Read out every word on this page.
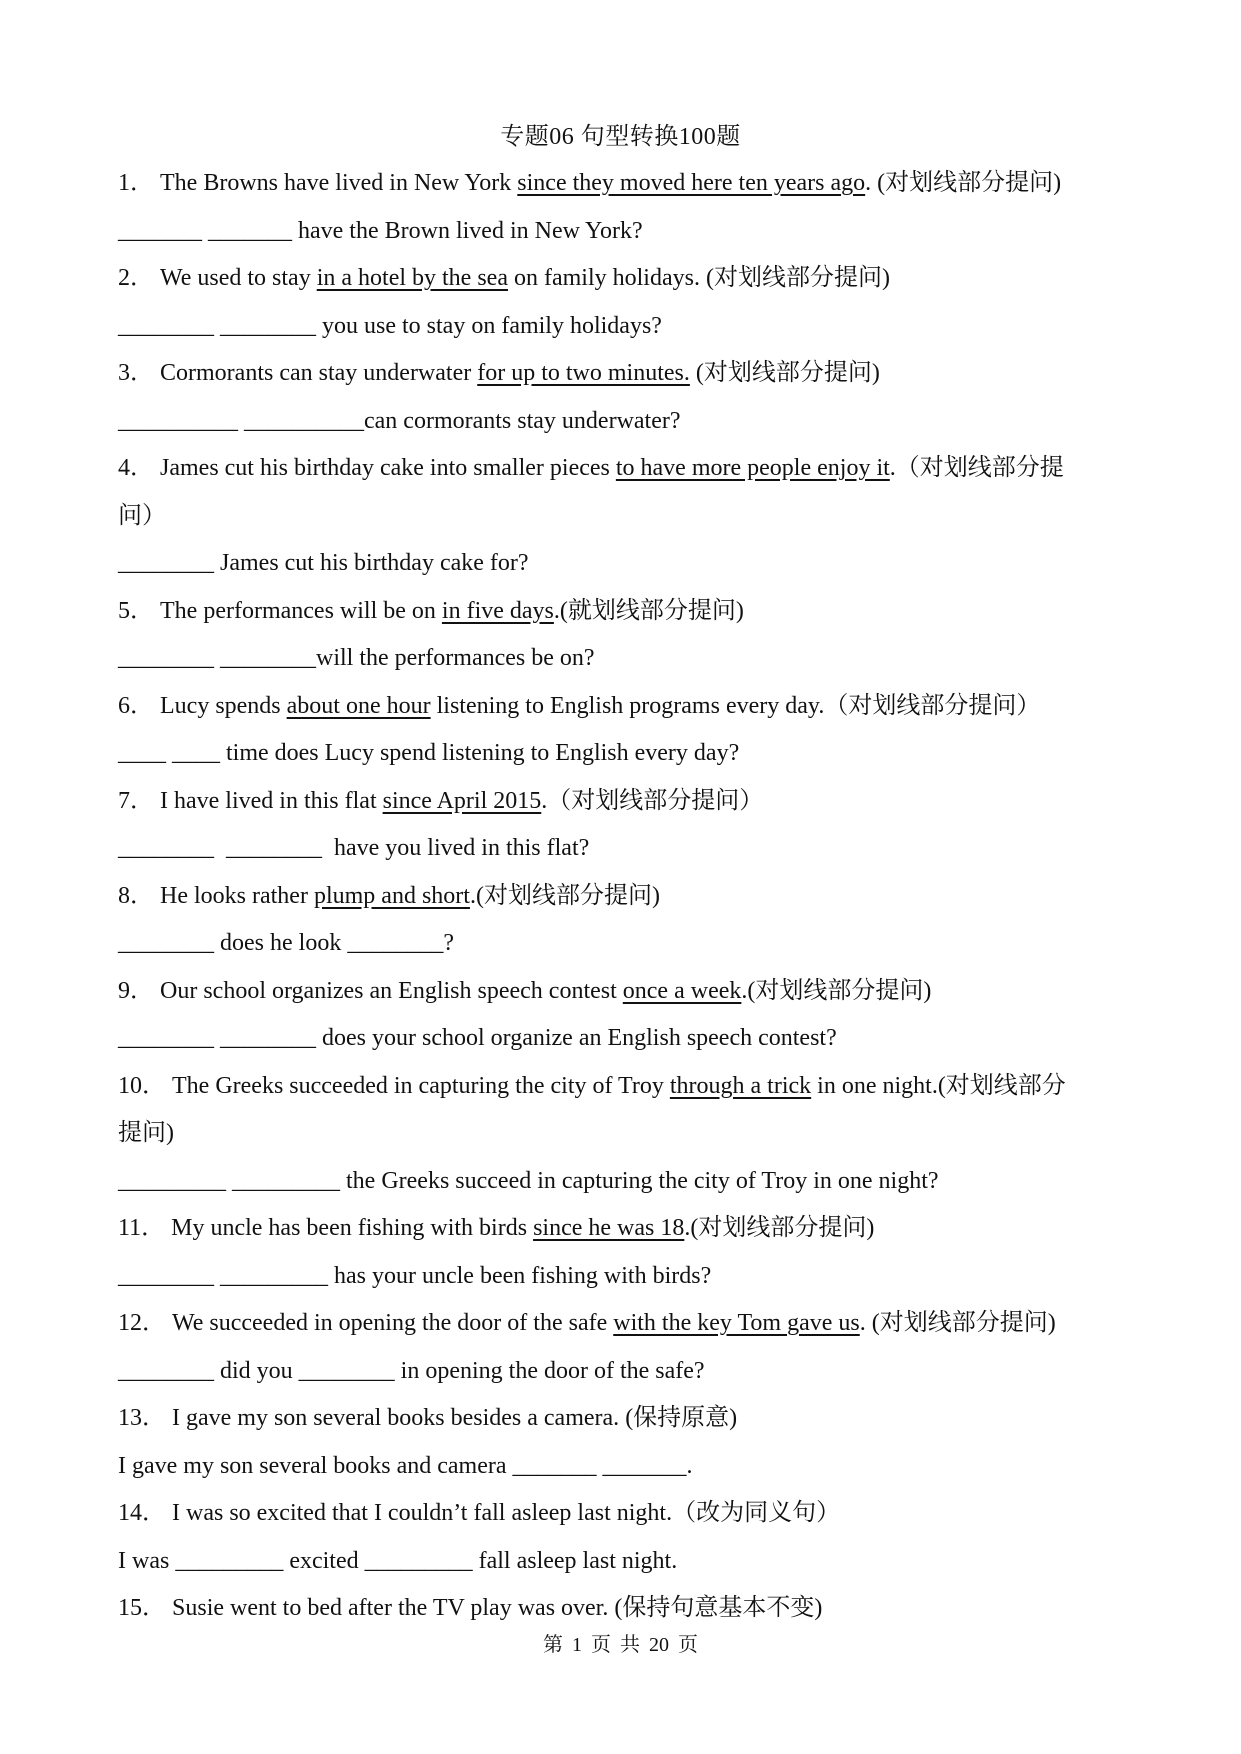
专题06 句型转换100题
1． The Browns have lived in New York since they moved here ten years ago. (对划线部分提问)
_______ _______ have the Brown lived in New York?
2． We used to stay in a hotel by the sea on family holidays. (对划线部分提问)
________ ________ you use to stay on family holidays?
3． Cormorants can stay underwater for up to two minutes. (对划线部分提问)
__________ __________can cormorants stay underwater?
4． James cut his birthday cake into smaller pieces to have more people enjoy it.（对划线部分提
问）
________ James cut his birthday cake for?
5． The performances will be on in five days.(就划线部分提问)
________ ________will the performances be on?
6． Lucy spends about one hour listening to English programs every day.（对划线部分提问）
____ ____ time does Lucy spend listening to English every day?
7． I have lived in this flat since April 2015.（对划线部分提问）
________  ________  have you lived in this flat?
8． He looks rather plump and short.(对划线部分提问)
________ does he look ________?
9． Our school organizes an English speech contest once a week.(对划线部分提问)
________ ________ does your school organize an English speech contest?
10． The Greeks succeeded in capturing the city of Troy through a trick in one night.(对划线部分
提问)
_________ _________ the Greeks succeed in capturing the city of Troy in one night?
11． My uncle has been fishing with birds since he was 18.(对划线部分提问)
________ _________ has your uncle been fishing with birds?
12． We succeeded in opening the door of the safe with the key Tom gave us. (对划线部分提问)
________ did you ________ in opening the door of the safe?
13． I gave my son several books besides a camera. (保持原意)
I gave my son several books and camera _______ _______.
14． I was so excited that I couldn’t fall asleep last night.（改为同义句）
I was _________ excited _________ fall asleep last night.
15． Susie went to bed after the TV play was over. (保持句意基本不变)
第 1 页 共 20 页
